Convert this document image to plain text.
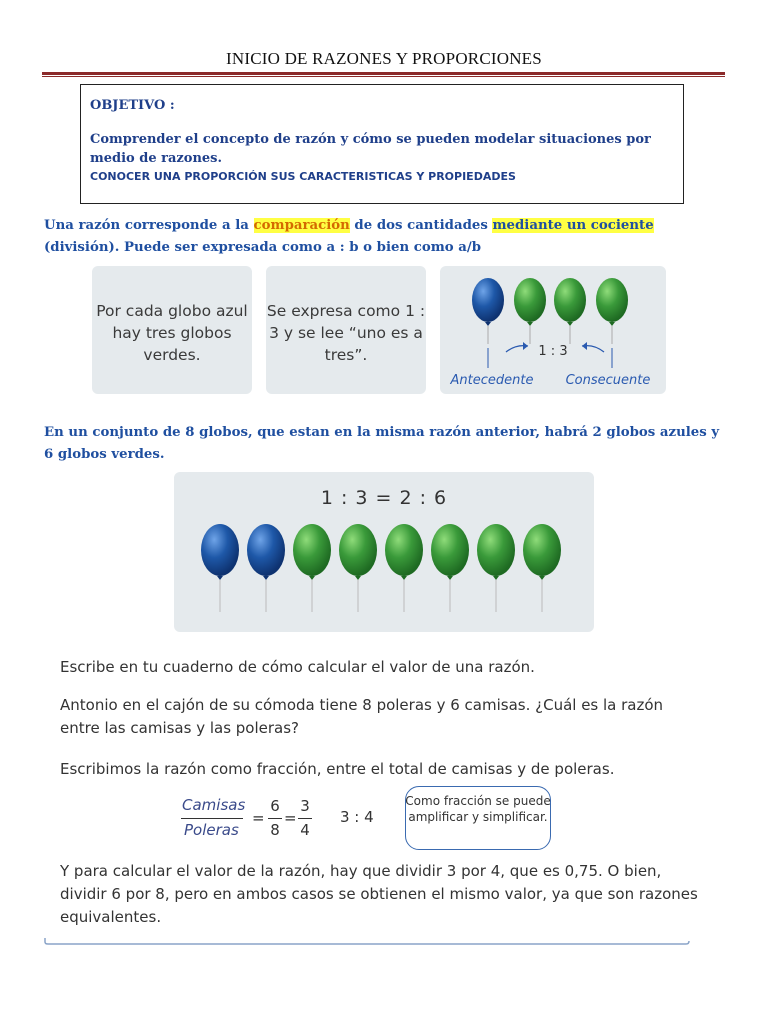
INICIO DE RAZONES Y PROPORCIONES
OBJETIVO :
Comprender el concepto de razón y cómo se pueden modelar situaciones por medio de razones.
CONOCER UNA PROPORCIÓN SUS CARACTERISTICAS Y PROPIEDADES
Una razón corresponde a la comparación de dos cantidades mediante un cociente (división). Puede ser expresada como a : b o bien como a/b
Por cada globo azul hay tres globos verdes.
Se expresa como 1 : 3 y se lee “uno es a tres”.	1 : 3
Antecedente Consecuente
En un conjunto de 8 globos, que estan en la misma razón anterior, habrá 2 globos azules y 6 globos verdes.
1 : 3 = 2 : 6
Escribe en tu cuaderno de cómo calcular el valor de una razón.
Antonio en el cajón de su cómoda tiene 8 poleras y 6 camisas. ¿Cuál es la razón entre las camisas y las poleras?
Escribimos la razón como fracción, entre el total de camisas y de poleras.
Camisas
Poleras
=
6
8
=
3
4
3 : 4
Como fracción se puede amplificar y simplificar.
Y para calcular el valor de la razón, hay que dividir 3 por 4, que es 0,75. O bien, dividir 6 por 8, pero en ambos casos se obtienen el mismo valor, ya que son razones equivalentes.
